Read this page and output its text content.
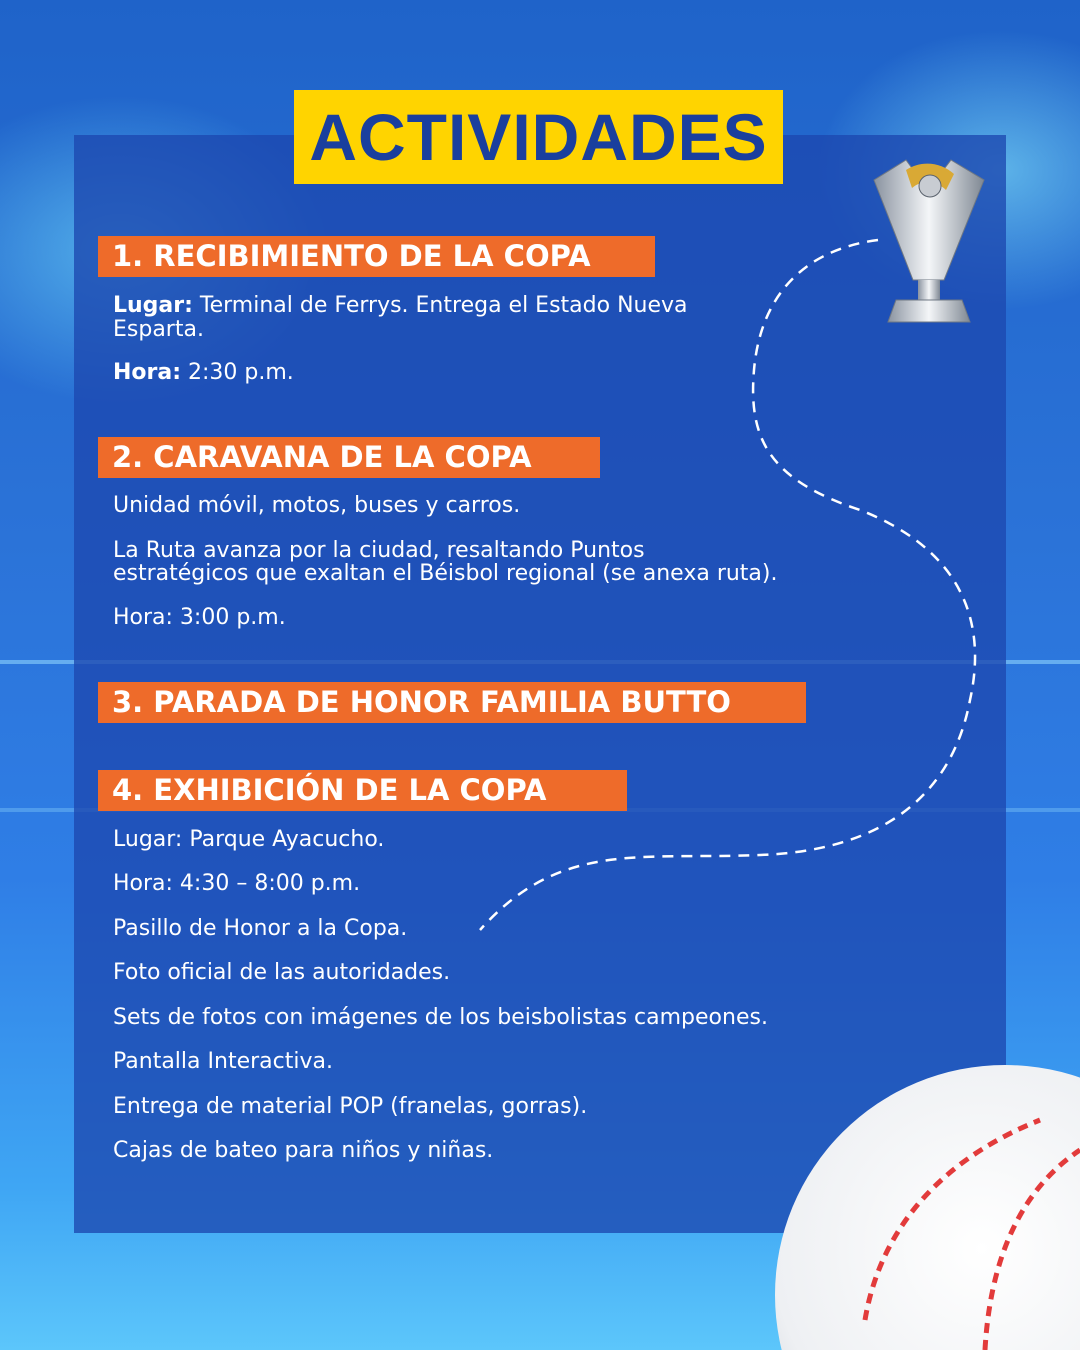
ACTIVIDADES
1. RECIBIMIENTO DE LA COPA
Lugar: Terminal de Ferrys. Entrega el Estado Nueva
Esparta.
Hora: 2:30 p.m.
2. CARAVANA DE LA COPA
Unidad móvil, motos, buses y carros.
La Ruta avanza por la ciudad, resaltando Puntos
estratégicos que exaltan el Béisbol regional (se anexa ruta).
Hora: 3:00 p.m.
3. PARADA DE HONOR FAMILIA BUTTO
4. EXHIBICIÓN DE LA COPA
Lugar: Parque Ayacucho.
Hora: 4:30 – 8:00 p.m.
Pasillo de Honor a la Copa.
Foto oficial de las autoridades.
Sets de fotos con imágenes de los beisbolistas campeones.
Pantalla Interactiva.
Entrega de material POP (franelas, gorras).
Cajas de bateo para niños y niñas.
